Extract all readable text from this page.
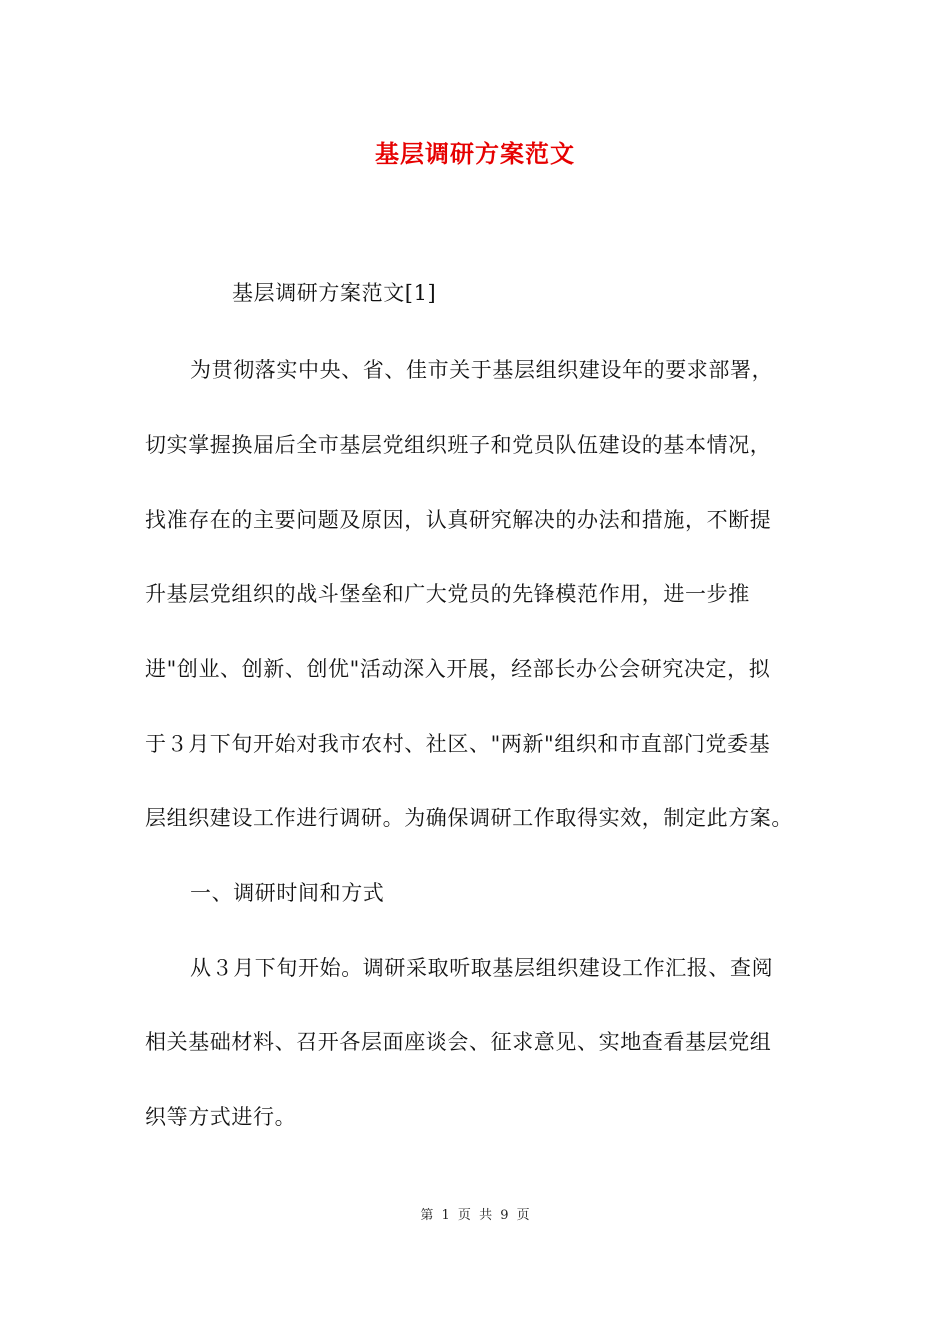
基层调研方案范文
基层调研方案范文[1]
为贯彻落实中央、省、佳市关于基层组织建设年的要求部署，
切实掌握换届后全市基层党组织班子和党员队伍建设的基本情况，
找准存在的主要问题及原因，认真研究解决的办法和措施，不断提
升基层党组织的战斗堡垒和广大党员的先锋模范作用，进一步推
进"创业、创新、创优"活动深入开展，经部长办公会研究决定，拟
于３月下旬开始对我市农村、社区、"两新"组织和市直部门党委基
层组织建设工作进行调研。为确保调研工作取得实效，制定此方案。
一、调研时间和方式
从３月下旬开始。调研采取听取基层组织建设工作汇报、查阅
相关基础材料、召开各层面座谈会、征求意见、实地查看基层党组
织等方式进行。
第 1 页 共 9 页
